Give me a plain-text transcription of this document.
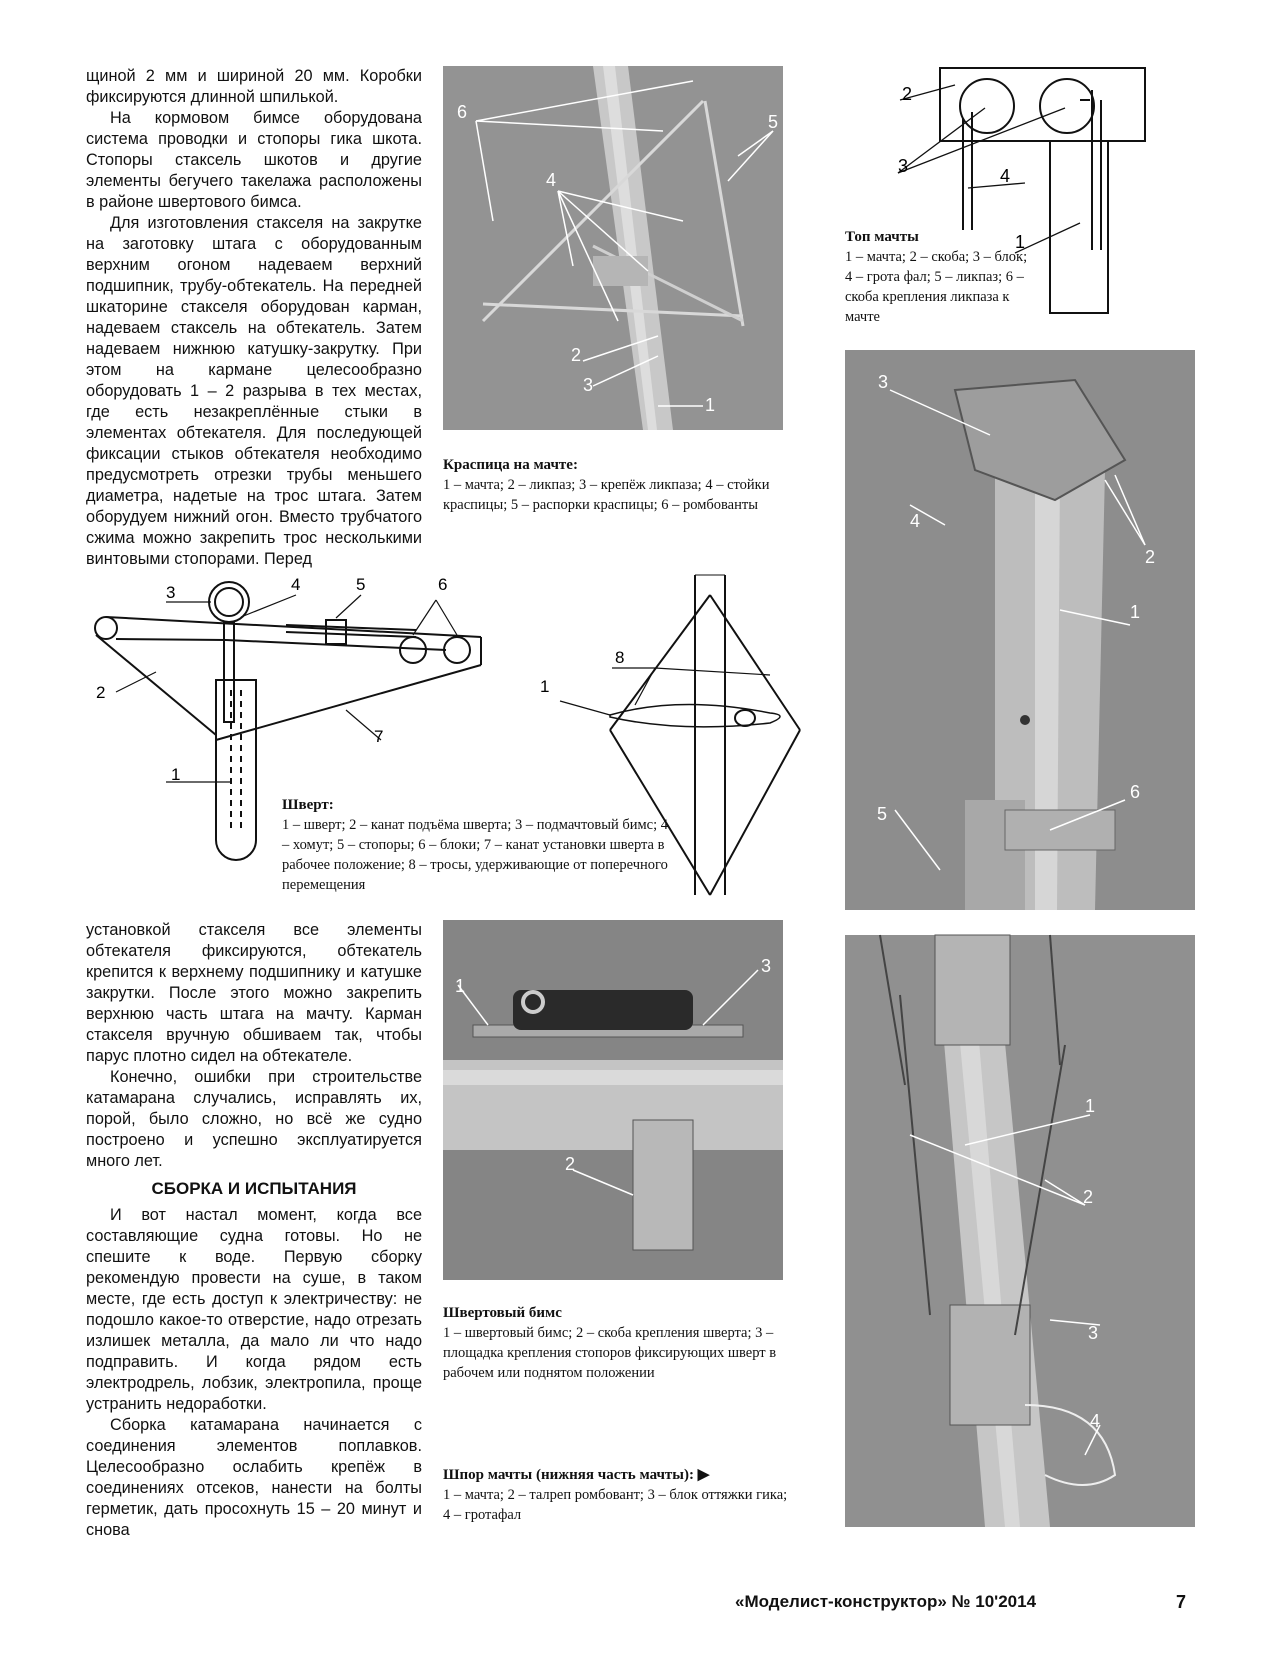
щиной 2 мм и шириной 20 мм. Коробки фиксируются длинной шпилькой.

На кормовом бимсе оборудована система проводки и стопоры гика шкота. Стопоры стаксель шкотов и другие элементы бегучего такелажа расположены в районе швертового бимса.

Для изготовления стакселя на закрутке на заготовку штага с оборудованным верхним огоном надеваем верхний подшипник, трубу-обтекатель. На передней шкаторине стакселя оборудован карман, надеваем стаксель на обтекатель. Затем надеваем нижнюю катушку-закрутку. При этом на кармане целесообразно оборудовать 1 – 2 разрыва в тех местах, где есть незакреплённые стыки в элементах обтекателя. Для последующей фиксации стыков обтекателя необходимо предусмотреть отрезки трубы меньшего диаметра, надетые на трос штага. Затем оборудуем нижний огон. Вместо трубчатого сжима можно закрепить трос несколькими винтовыми стопорами. Перед

6	5
4
2
3
1
Краспица на мачте:
1 – мачта; 2 – ликпаз; 3 – крепёж ликпаза; 4 – стойки краспицы; 5 – распорки краспицы; 6 – ромбованты
2
3	4
1
Топ мачты
1 – мачта; 2 – скоба; 3 – блок; 4 – грота фал; 5 – ликпаз; 6 – скоба крепления ликпаза к мачте
3
2
4
1
6
5
3	4	5	6
2
7
1
8
1
Шверт:
1 – шверт; 2 – канат подъёма шверта; 3 – подмачтовый бимс; 4 – хомут; 5 – стопоры; 6 – блоки; 7 – канат установки шверта в рабочее положение; 8 – тросы, удерживающие от поперечного перемещения

установкой стакселя все элементы обтекателя фиксируются, обтекатель крепится к верхнему подшипнику и катушке закрутки. После этого можно закрепить верхнюю часть штага на мачту. Карман стакселя вручную обшиваем так, чтобы парус плотно сидел на обтекателе.

Конечно, ошибки при строительстве катамарана случались, исправлять их, порой, было сложно, но всё же судно построено и успешно эксплуатируется много лет.

СБОРКА И ИСПЫТАНИЯ

И вот настал момент, когда все составляющие судна готовы. Но не спешите к воде. Первую сборку рекомендую провести на суше, в таком месте, где есть доступ к электричеству: не подошло какое-то отверстие, надо отрезать излишек металла, да мало ли что надо подправить. И когда рядом есть электродрель, лобзик, электропила, проще устранить недоработки.

Сборка катамарана начинается с соединения элементов поплавков. Целесообразно ослабить крепёж в соединениях отсеков, нанести на болты герметик, дать просохнуть 15 – 20 минут и снова

1
3
2
Швертовый бимс
1 – швертовый бимс; 2 – скоба крепления шверта; 3 – площадка крепления стопоров фиксирующих шверт в рабочем или поднятом положении
Шпор мачты (нижняя часть мачты): ▶
1 – мачта; 2 – талреп ромбовант; 3 – блок оттяжки гика; 4 – гротафал
1
2
3
4
«Моделист-конструктор» № 10'2014	7
